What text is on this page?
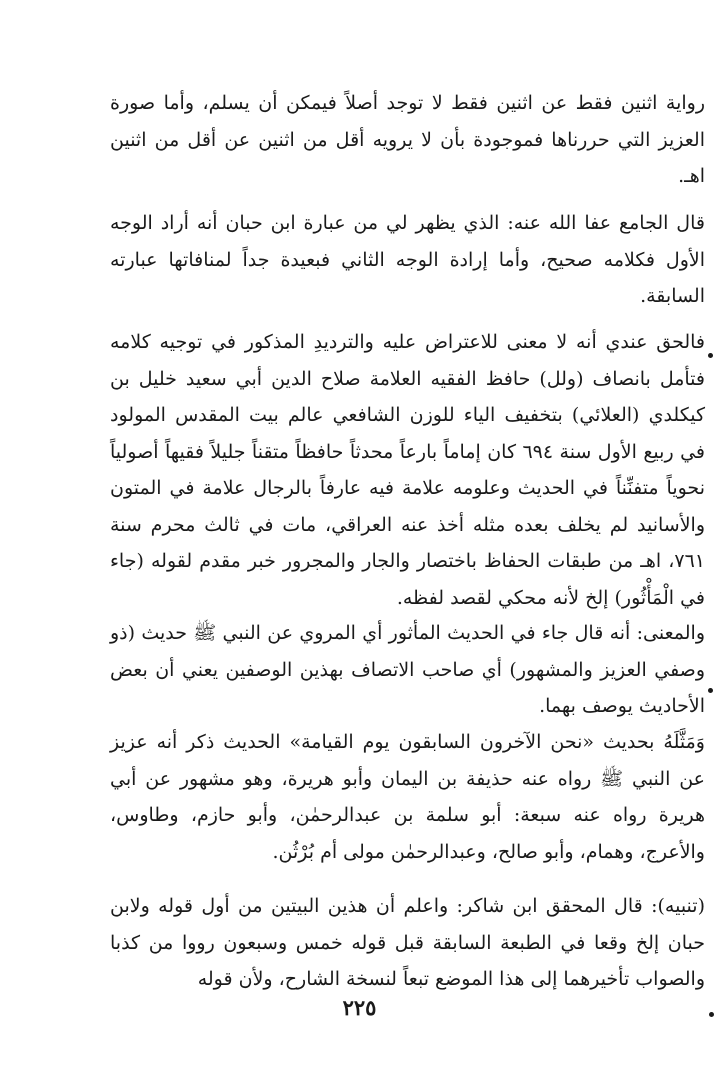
رواية اثنين فقط عن اثنين فقط لا توجد أصلاً فيمكن أن يسلم، وأما صورة العزيز التي حررناها فموجودة بأن لا يرويه أقل من اثنين عن أقل من اثنين اهـ.

قال الجامع عفا الله عنه: الذي يظهر لي من عبارة ابن حبان أنه أراد الوجه الأول فكلامه صحيح، وأما إرادة الوجه الثاني فبعيدة جداً لمنافاتها عبارته السابقة.

فالحق عندي أنه لا معنى للاعتراض عليه والترديدِ المذكور في توجيه كلامه فتأمل بانصاف (ولل) حافظ الفقيه العلامة صلاح الدين أبي سعيد خليل بن كيكلدي (العلائي) بتخفيف الياء للوزن الشافعي عالم بيت المقدس المولود في ربيع الأول سنة ٦٩٤ كان إماماً بارعاً محدثاً حافظاً متقناً جليلاً فقيهاً أصولياً نحوياً متفنِّناً في الحديث وعلومه علامة فيه عارفاً بالرجال علامة في المتون والأسانيد لم يخلف بعده مثله أخذ عنه العراقي، مات في ثالث محرم سنة ٧٦١، اهـ من طبقات الحفاظ باختصار والجار والمجرور خبر مقدم لقوله (جاء في الْمَأْثُور) إلخ لأنه محكي لقصد لفظه.

والمعنى: أنه قال جاء في الحديث المأثور أي المروي عن النبي ﷺ حديث (ذو وصفي العزيز والمشهور) أي صاحب الاتصاف بهذين الوصفين يعني أن بعض الأحاديث يوصف بهما.

وَمَثَّلَهُ بحديث «نحن الآخرون السابقون يوم القيامة» الحديث ذكر أنه عزيز عن النبي ﷺ رواه عنه حذيفة بن اليمان وأبو هريرة، وهو مشهور عن أبي هريرة رواه عنه سبعة: أبو سلمة بن عبدالرحمٰن، وأبو حازم، وطاوس، والأعرج، وهمام، وأبو صالح، وعبدالرحمٰن مولى أم بُرْثُن.

(تنبيه): قال المحقق ابن شاكر: واعلم أن هذين البيتين من أول قوله ولابن حبان إلخ وقعا في الطبعة السابقة قبل قوله خمس وسبعون رووا من كذبا والصواب تأخيرهما إلى هذا الموضع تبعاً لنسخة الشارح، ولأن قوله

٢٢٥
